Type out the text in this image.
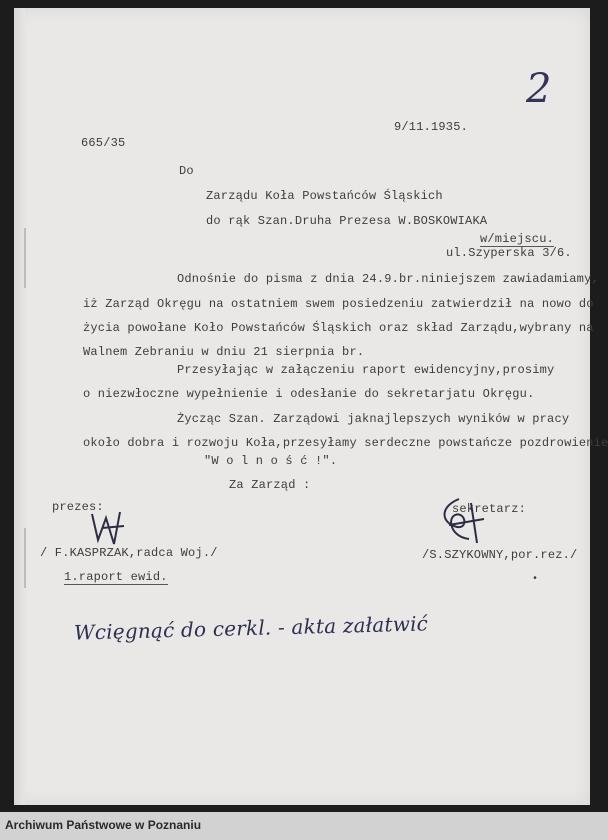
2
665/35
9/11.1935.
Do
Zarządu Koła Powstańców Śląskich
do rąk Szan.Druha Prezesa W.BOSKOWIAKA
w/miejscu.
ul.Szyperska 3/6.
Odnośnie do pisma z dnia 24.9.br.niniejszem zawiadamiamy,
iż Zarząd Okręgu na ostatniem swem posiedzeniu zatwierdził na nowo do
życia powołane Koło Powstańców Śląskich oraz skład Zarządu,wybrany na
Walnem Zebraniu w dniu 21 sierpnia br.
Przesyłając w załączeniu raport ewidencyjny,prosimy
o niezwłoczne wypełnienie i odesłanie do sekretarjatu Okręgu.
Życząc Szan. Zarządowi jaknajlepszych wyników w pracy
około dobra i rozwoju Koła,przesyłamy serdeczne powstańcze pozdrowienie
"W o l n o ś ć !".
Za Zarząd :
prezes:	sekretarz:
/ F.KASPRZAK,radca Woj./	/S.SZYKOWNY,por.rez./
1.raport ewid.	•
Wcięgnąć do cerkl. - akta załatwić
Archiwum Państwowe w Poznaniu
